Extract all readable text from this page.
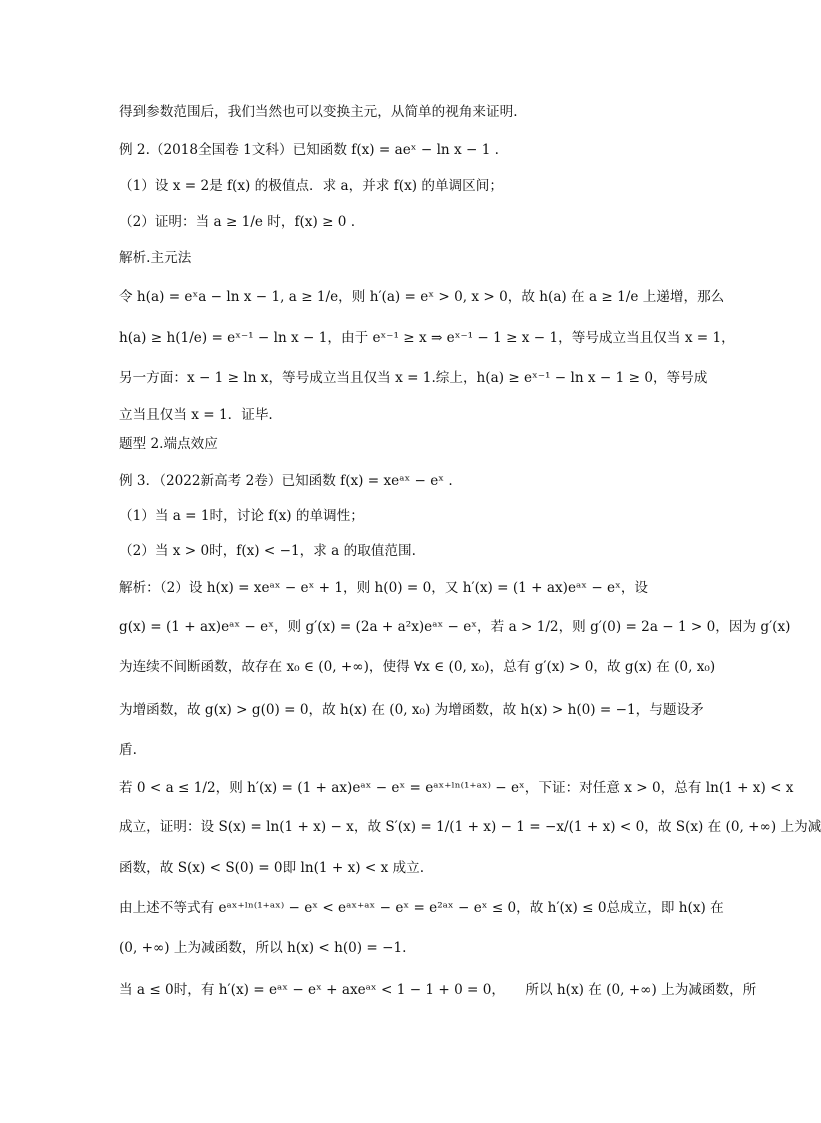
得到参数范围后，我们当然也可以变换主元，从简单的视角来证明.
例 2.（2018全国卷 1文科）已知函数 f(x) = aeˣ − ln x − 1 .
（1）设 x = 2是 f(x) 的极值点．求 a，并求 f(x) 的单调区间；
（2）证明：当 a ≥ 1/e 时，f(x) ≥ 0 .
解析.主元法
令 h(a) = eˣa − ln x − 1, a ≥ 1/e，则 h′(a) = eˣ > 0, x > 0，故 h(a) 在 a ≥ 1/e 上递增，那么
h(a) ≥ h(1/e) = eˣ⁻¹ − ln x − 1，由于 eˣ⁻¹ ≥ x ⇒ eˣ⁻¹ − 1 ≥ x − 1，等号成立当且仅当 x = 1，
另一方面：x − 1 ≥ ln x，等号成立当且仅当 x = 1.综上，h(a) ≥ eˣ⁻¹ − ln x − 1 ≥ 0，等号成
立当且仅当 x = 1．证毕.
题型 2.端点效应
例 3．（2022新高考 2卷）已知函数 f(x) = xeᵃˣ − eˣ .
（1）当 a = 1时，讨论 f(x) 的单调性；
（2）当 x > 0时，f(x) < −1，求 a 的取值范围.
解析：（2）设 h(x) = xeᵃˣ − eˣ + 1，则 h(0) = 0，又 h′(x) = (1 + ax)eᵃˣ − eˣ，设
g(x) = (1 + ax)eᵃˣ − eˣ，则 g′(x) = (2a + a²x)eᵃˣ − eˣ，若 a > 1/2，则 g′(0) = 2a − 1 > 0，因为 g′(x)
为连续不间断函数，故存在 x₀ ∈ (0, +∞)，使得 ∀x ∈ (0, x₀)，总有 g′(x) > 0，故 g(x) 在 (0, x₀)
为增函数，故 g(x) > g(0) = 0，故 h(x) 在 (0, x₀) 为增函数，故 h(x) > h(0) = −1，与题设矛
盾.
若 0 < a ≤ 1/2，则 h′(x) = (1 + ax)eᵃˣ − eˣ = eᵃˣ⁺ˡⁿ⁽¹⁺ᵃˣ⁾ − eˣ，下证：对任意 x > 0，总有 ln(1 + x) < x
成立，证明：设 S(x) = ln(1 + x) − x，故 S′(x) = 1/(1 + x) − 1 = −x/(1 + x) < 0，故 S(x) 在 (0, +∞) 上为减
函数，故 S(x) < S(0) = 0即 ln(1 + x) < x 成立.
由上述不等式有 eᵃˣ⁺ˡⁿ⁽¹⁺ᵃˣ⁾ − eˣ < eᵃˣ⁺ᵃˣ − eˣ = e²ᵃˣ − eˣ ≤ 0，故 h′(x) ≤ 0总成立，即 h(x) 在
(0, +∞) 上为减函数，所以 h(x) < h(0) = −1.
当 a ≤ 0时，有 h′(x) = eᵃˣ − eˣ + axeᵃˣ < 1 − 1 + 0 = 0，　　所以 h(x) 在 (0, +∞) 上为减函数，所
